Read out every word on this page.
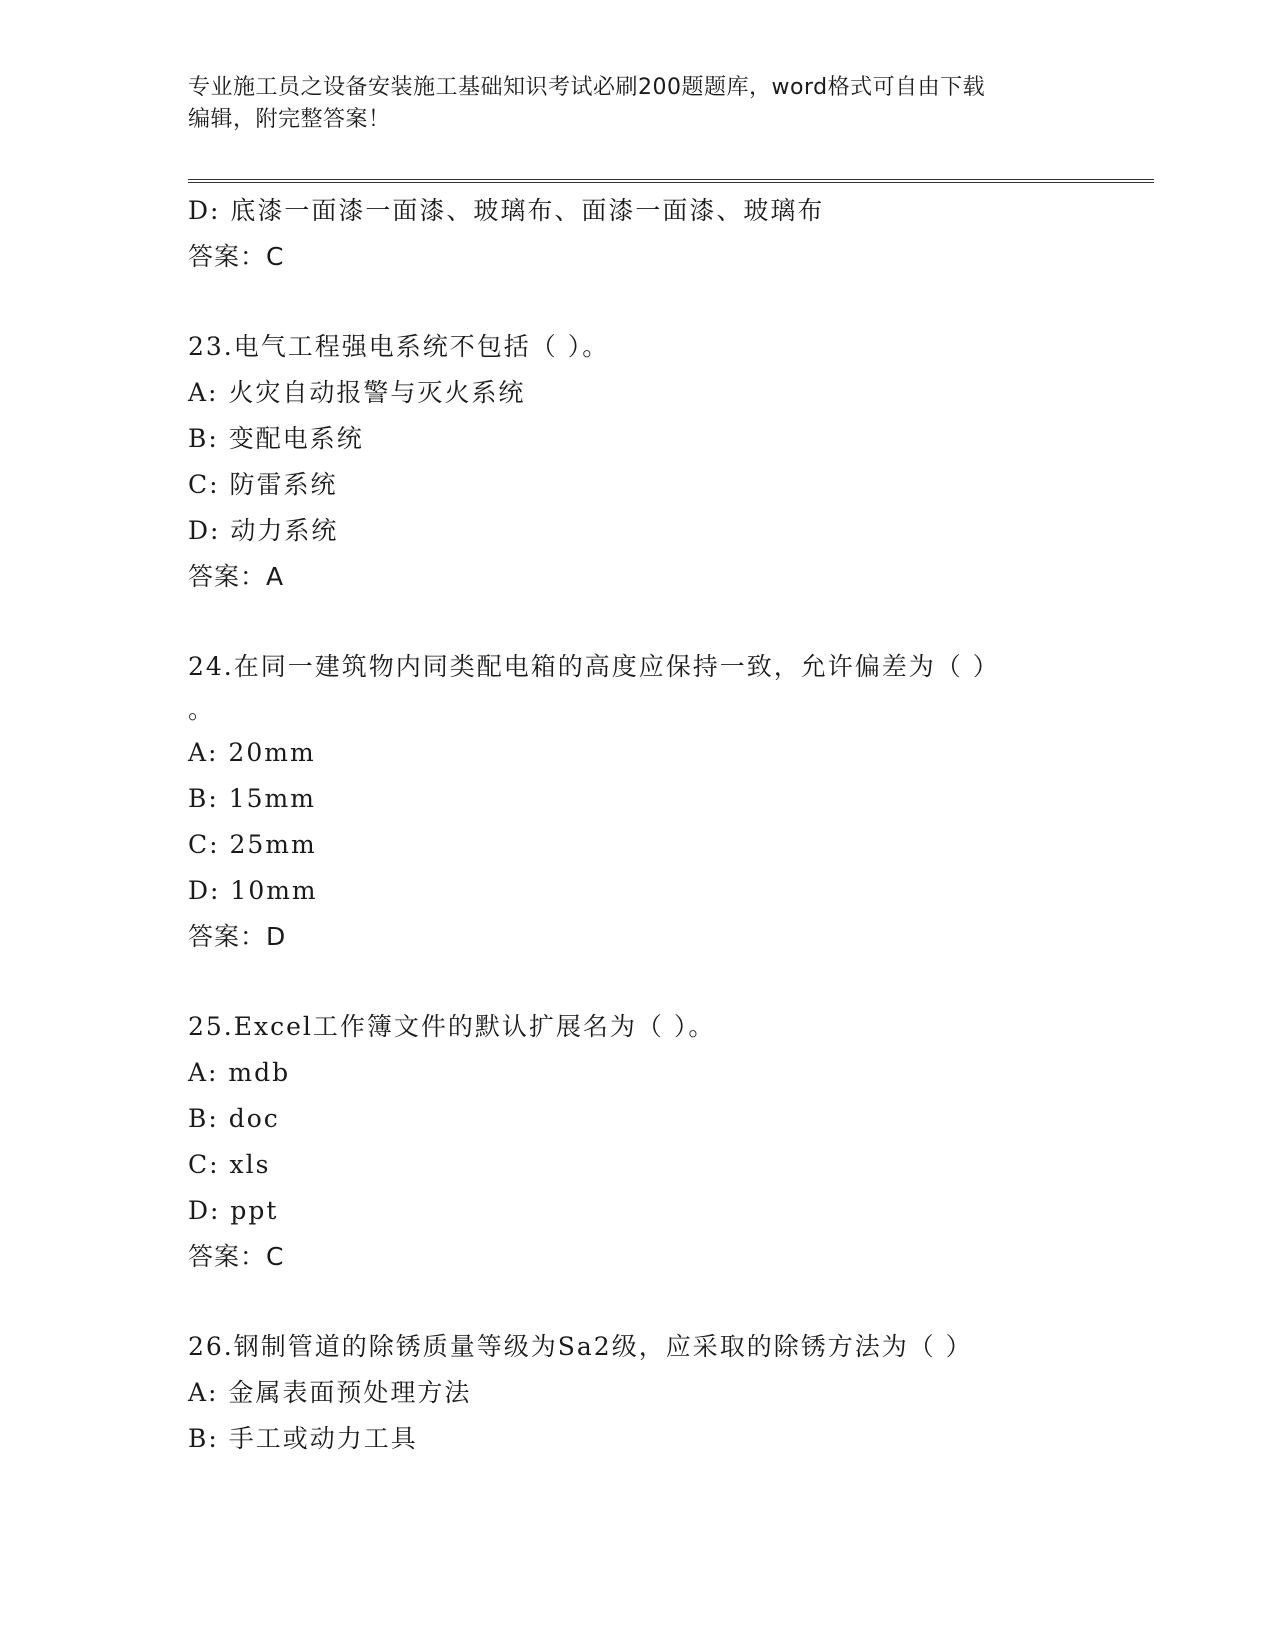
专业施工员之设备安装施工基础知识考试必刷200题题库，word格式可自由下载
编辑，附完整答案！
D: 底漆一面漆一面漆、玻璃布、面漆一面漆、玻璃布
答案：C
23.电气工程强电系统不包括（ ）。
A: 火灾自动报警与灭火系统
B: 变配电系统
C: 防雷系统
D: 动力系统
答案：A
24.在同一建筑物内同类配电箱的高度应保持一致，允许偏差为（ ）
。
A: 20mm
B: 15mm
C: 25mm
D: 10mm
答案：D
25.Excel工作簿文件的默认扩展名为（ ）。
A: mdb
B: doc
C: xls
D: ppt
答案：C
26.钢制管道的除锈质量等级为Sa2级，应采取的除锈方法为（ ）
A: 金属表面预处理方法
B: 手工或动力工具
